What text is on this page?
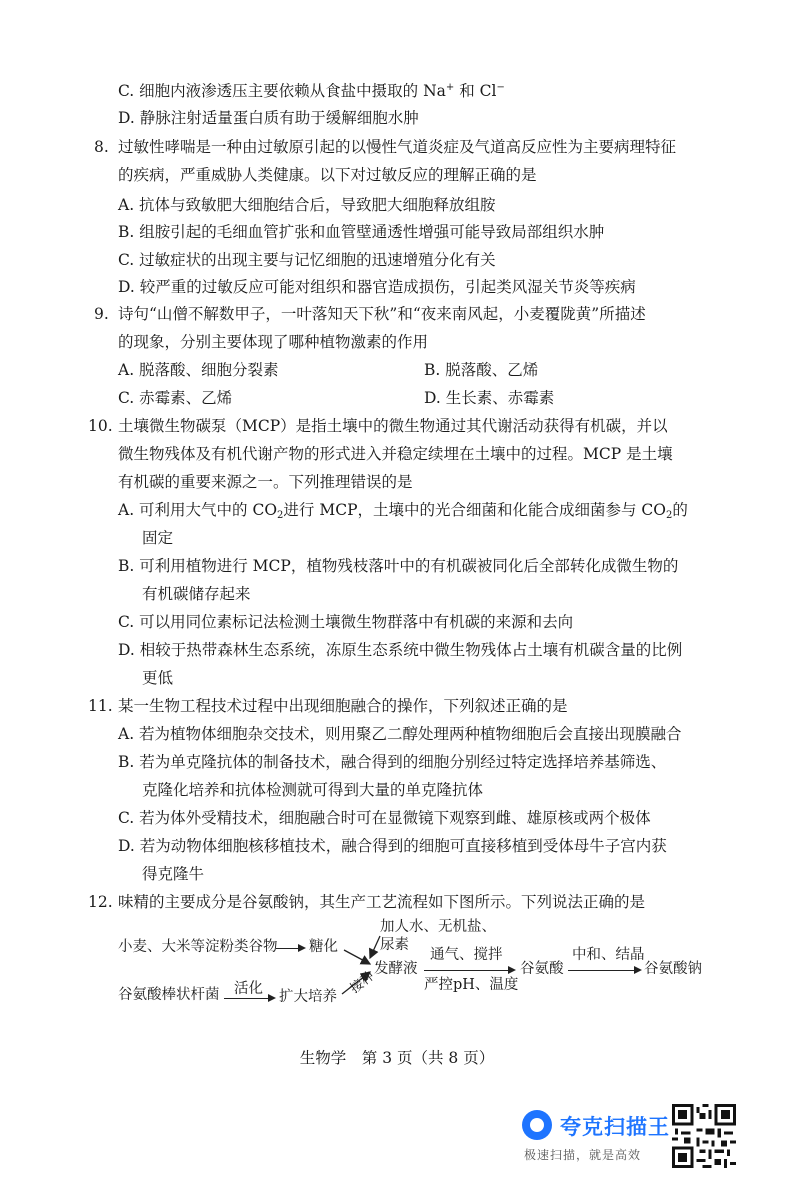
C. 细胞内液渗透压主要依赖从食盐中摄取的 Na+ 和 Cl−
D. 静脉注射适量蛋白质有助于缓解细胞水肿
8. 过敏性哮喘是一种由过敏原引起的以慢性气道炎症及气道高反应性为主要病理特征
的疾病，严重威胁人类健康。以下对过敏反应的理解正确的是
A. 抗体与致敏肥大细胞结合后，导致肥大细胞释放组胺
B. 组胺引起的毛细血管扩张和血管壁通透性增强可能导致局部组织水肿
C. 过敏症状的出现主要与记忆细胞的迅速增殖分化有关
D. 较严重的过敏反应可能对组织和器官造成损伤，引起类风湿关节炎等疾病
9. 诗句“山僧不解数甲子，一叶落知天下秋”和“夜来南风起，小麦覆陇黄”所描述
的现象，分别主要体现了哪种植物激素的作用
A. 脱落酸、细胞分裂素	B. 脱落酸、乙烯
C. 赤霉素、乙烯	D. 生长素、赤霉素
10. 土壤微生物碳泵（MCP）是指土壤中的微生物通过其代谢活动获得有机碳，并以
微生物残体及有机代谢产物的形式进入并稳定续埋在土壤中的过程。MCP 是土壤
有机碳的重要来源之一。下列推理错误的是
A. 可利用大气中的 $CO_2$进行 MCP，土壤中的光合细菌和化能合成细菌参与 $CO_2$的
固定
B. 可利用植物进行 MCP，植物残枝落叶中的有机碳被同化后全部转化成微生物的
有机碳储存起来
C. 可以用同位素标记法检测土壤微生物群落中有机碳的来源和去向
D. 相较于热带森林生态系统，冻原生态系统中微生物残体占土壤有机碳含量的比例
更低
11. 某一生物工程技术过程中出现细胞融合的操作，下列叙述正确的是
A. 若为植物体细胞杂交技术，则用聚乙二醇处理两种植物细胞后会直接出现膜融合
B. 若为单克隆抗体的制备技术，融合得到的细胞分别经过特定选择培养基筛选、
克隆化培养和抗体检测就可得到大量的单克隆抗体
C. 若为体外受精技术，细胞融合时可在显微镜下观察到雌、雄原核或两个极体
D. 若为动物体细胞核移植技术，融合得到的细胞可直接移植到受体母牛子宫内获
得克隆牛
12. 味精的主要成分是谷氨酸钠，其生产工艺流程如下图所示。下列说法正确的是
小麦、大米等淀粉类谷物 糖化
加人水、无机盐、
尿素
发酵液
通气、搅拌
严控pH、温度
谷氨酸
中和、结晶
谷氨酸钠
谷氨酸棒状杆菌 活化 扩大培养
接种
生物学　第 3 页（共 8 页）
夸克扫描王
极速扫描，就是高效
